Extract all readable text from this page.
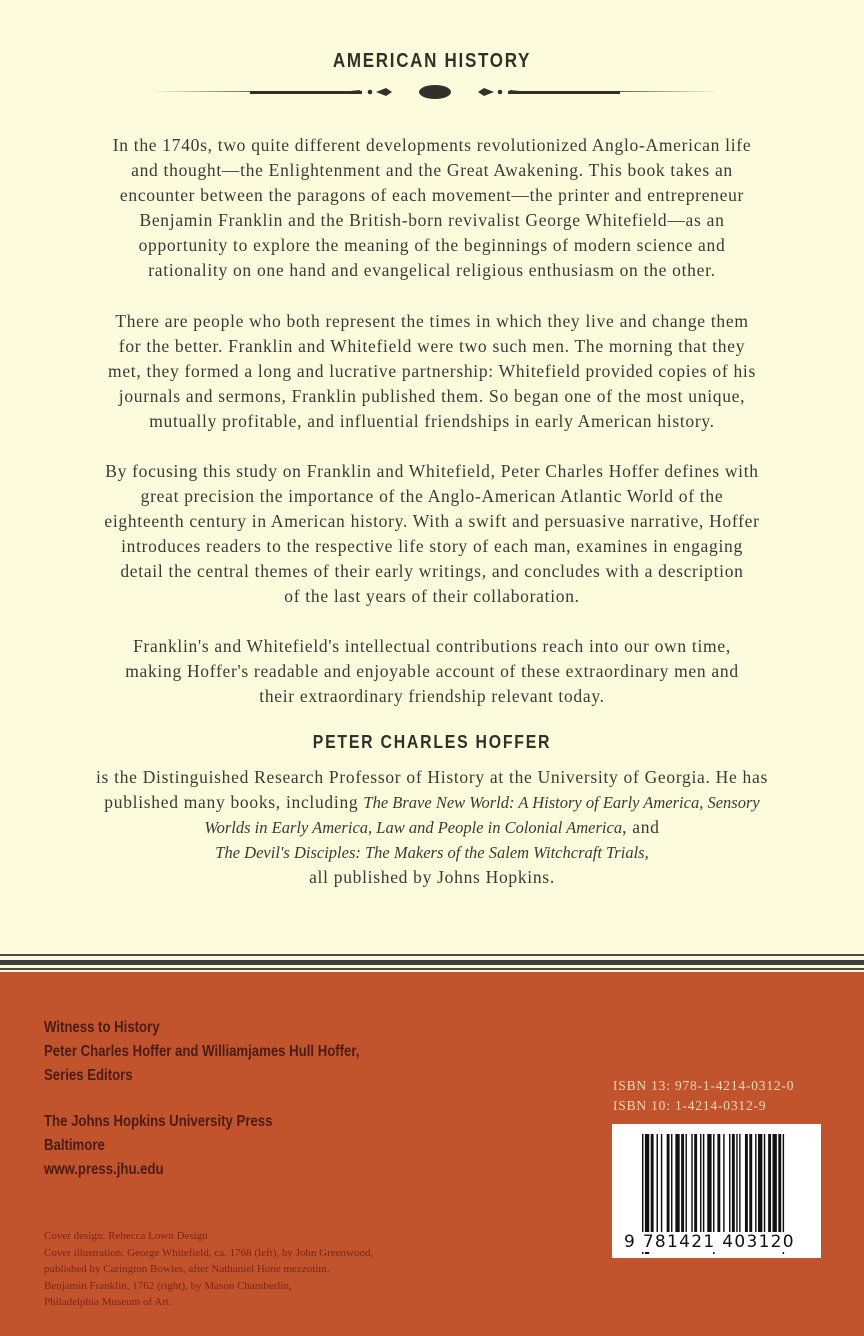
AMERICAN HISTORY
In the 1740s, two quite different developments revolutionized Anglo-American life
and thought—the Enlightenment and the Great Awakening. This book takes an
encounter between the paragons of each movement—the printer and entrepreneur
Benjamin Franklin and the British-born revivalist George Whitefield—as an
opportunity to explore the meaning of the beginnings of modern science and
rationality on one hand and evangelical religious enthusiasm on the other.
There are people who both represent the times in which they live and change them
for the better. Franklin and Whitefield were two such men. The morning that they
met, they formed a long and lucrative partnership: Whitefield provided copies of his
journals and sermons, Franklin published them. So began one of the most unique,
mutually profitable, and influential friendships in early American history.
By focusing this study on Franklin and Whitefield, Peter Charles Hoffer defines with
great precision the importance of the Anglo-American Atlantic World of the
eighteenth century in American history. With a swift and persuasive narrative, Hoffer
introduces readers to the respective life story of each man, examines in engaging
detail the central themes of their early writings, and concludes with a description
of the last years of their collaboration.
Franklin's and Whitefield's intellectual contributions reach into our own time,
making Hoffer's readable and enjoyable account of these extraordinary men and
their extraordinary friendship relevant today.
PETER CHARLES HOFFER
is the Distinguished Research Professor of History at the University of Georgia. He has
published many books, including The Brave New World: A History of Early America, Sensory
Worlds in Early America, Law and People in Colonial America, and
The Devil's Disciples: The Makers of the Salem Witchcraft Trials,
all published by Johns Hopkins.
Witness to History
Peter Charles Hoffer and Williamjames Hull Hoffer,
Series Editors
The Johns Hopkins University Press
Baltimore
www.press.jhu.edu
Cover design: Rebecca Lown Design
Cover illustration: George Whitefield, ca. 1768 (left), by John Greenwood,
published by Carington Bowles, after Nathaniel Hone mezzotint.
Benjamin Franklin, 1762 (right), by Mason Chamberlin,
Philadelphia Museum of Art.
ISBN 13: 978-1-4214-0312-0
ISBN 10: 1-4214-0312-9
9 781421 403120
